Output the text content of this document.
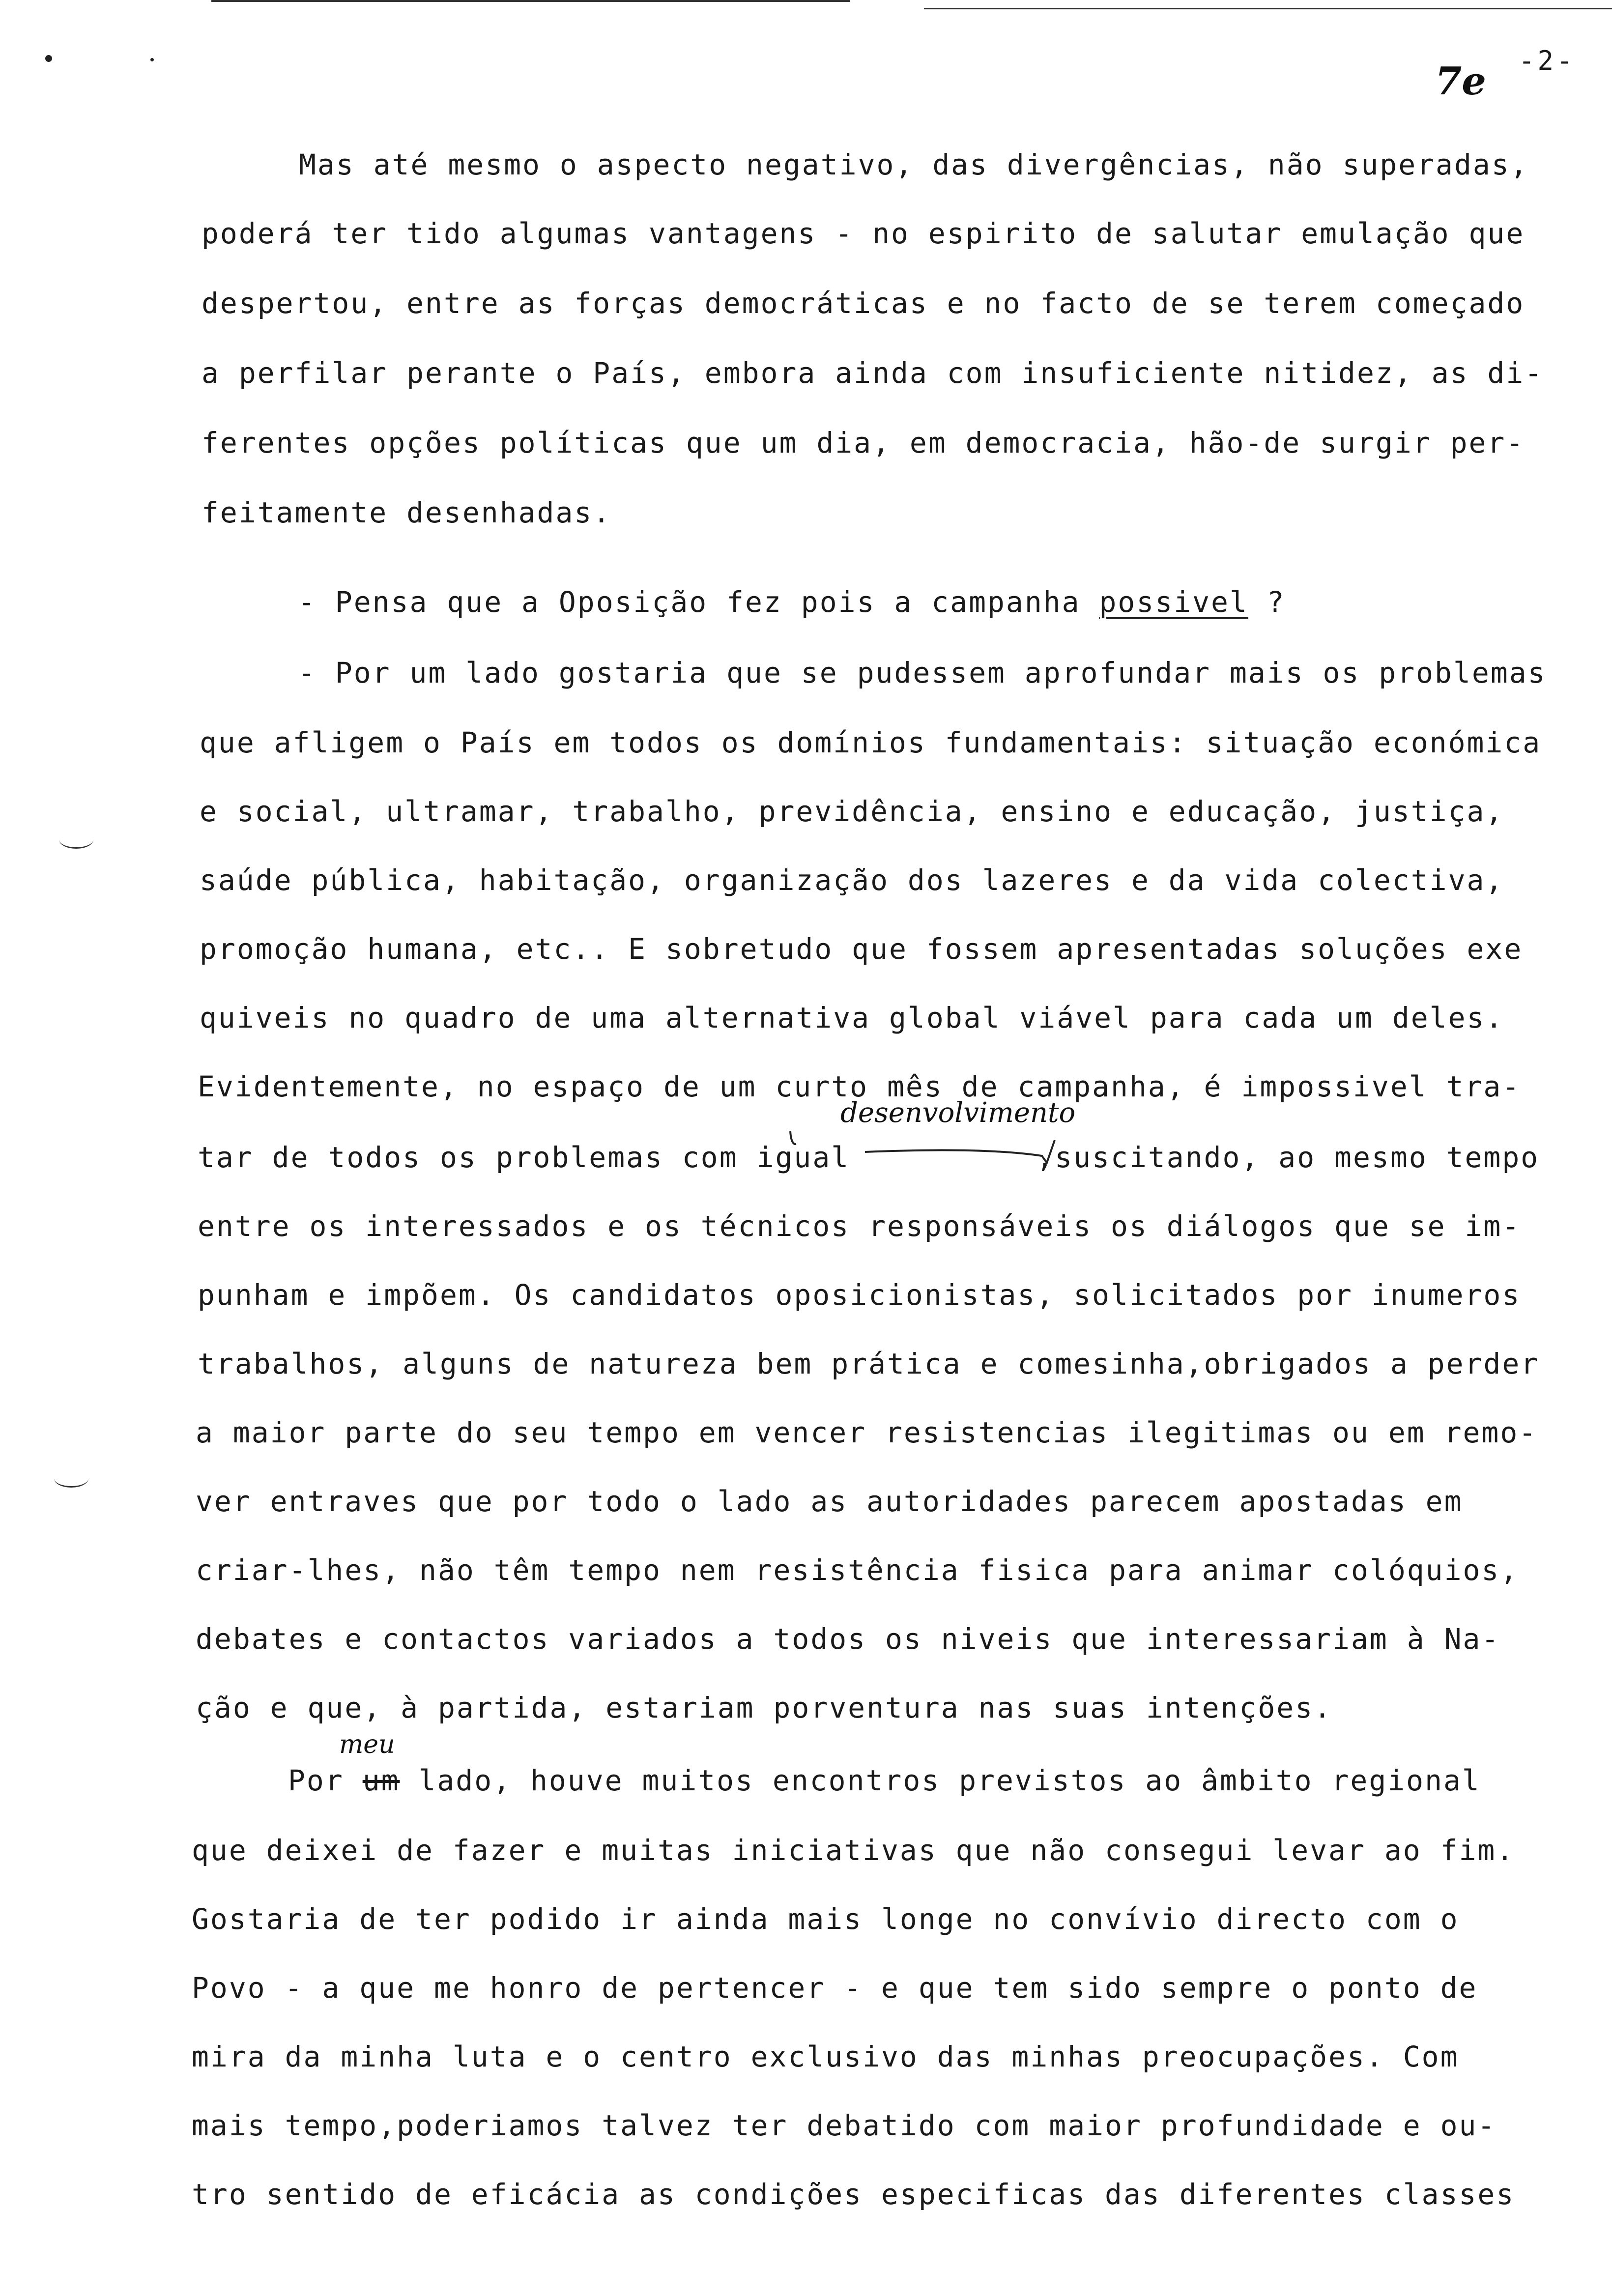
7e -2-
Mas até mesmo o aspecto negativo, das divergências, não superadas,
poderá ter tido algumas vantagens - no espirito de salutar emulação que
despertou, entre as forças democráticas e no facto de se terem começado
a perfilar perante o País, embora ainda com insuficiente nitidez, as di-
ferentes opções políticas que um dia, em democracia, hão-de surgir per-
feitamente desenhadas.
- Pensa que a Oposição fez pois a campanha possivel ?
- Por um lado gostaria que se pudessem aprofundar mais os problemas
que afligem o País em todos os domínios fundamentais: situação económica
e social, ultramar, trabalho, previdência, ensino e educação, justiça,
saúde pública, habitação, organização dos lazeres e da vida colectiva,
promoção humana, etc.. E sobretudo que fossem apresentadas soluções exe
quiveis no quadro de uma alternativa global viável para cada um deles.
Evidentemente, no espaço de um curto mês de campanha, é impossivel tra-
desenvolvimento
tar de todos os problemas com igual          ,suscitando, ao mesmo tempo
entre os interessados e os técnicos responsáveis os diálogos que se im-
punham e impõem. Os candidatos oposicionistas, solicitados por inumeros
trabalhos, alguns de natureza bem prática e comesinha,obrigados a perder
a maior parte do seu tempo em vencer resistencias ilegitimas ou em remo-
ver entraves que por todo o lado as autoridades parecem apostadas em
criar-lhes, não têm tempo nem resistência fisica para animar colóquios,
debates e contactos variados a todos os niveis que interessariam à Na-
ção e que, à partida, estariam porventura nas suas intenções.
meu
Por um lado, houve muitos encontros previstos ao âmbito regional
que deixei de fazer e muitas iniciativas que não consegui levar ao fim.
Gostaria de ter podido ir ainda mais longe no convívio directo com o
Povo - a que me honro de pertencer - e que tem sido sempre o ponto de
mira da minha luta e o centro exclusivo das minhas preocupações. Com
mais tempo,poderiamos talvez ter debatido com maior profundidade e ou-
tro sentido de eficácia as condições especificas das diferentes classes
